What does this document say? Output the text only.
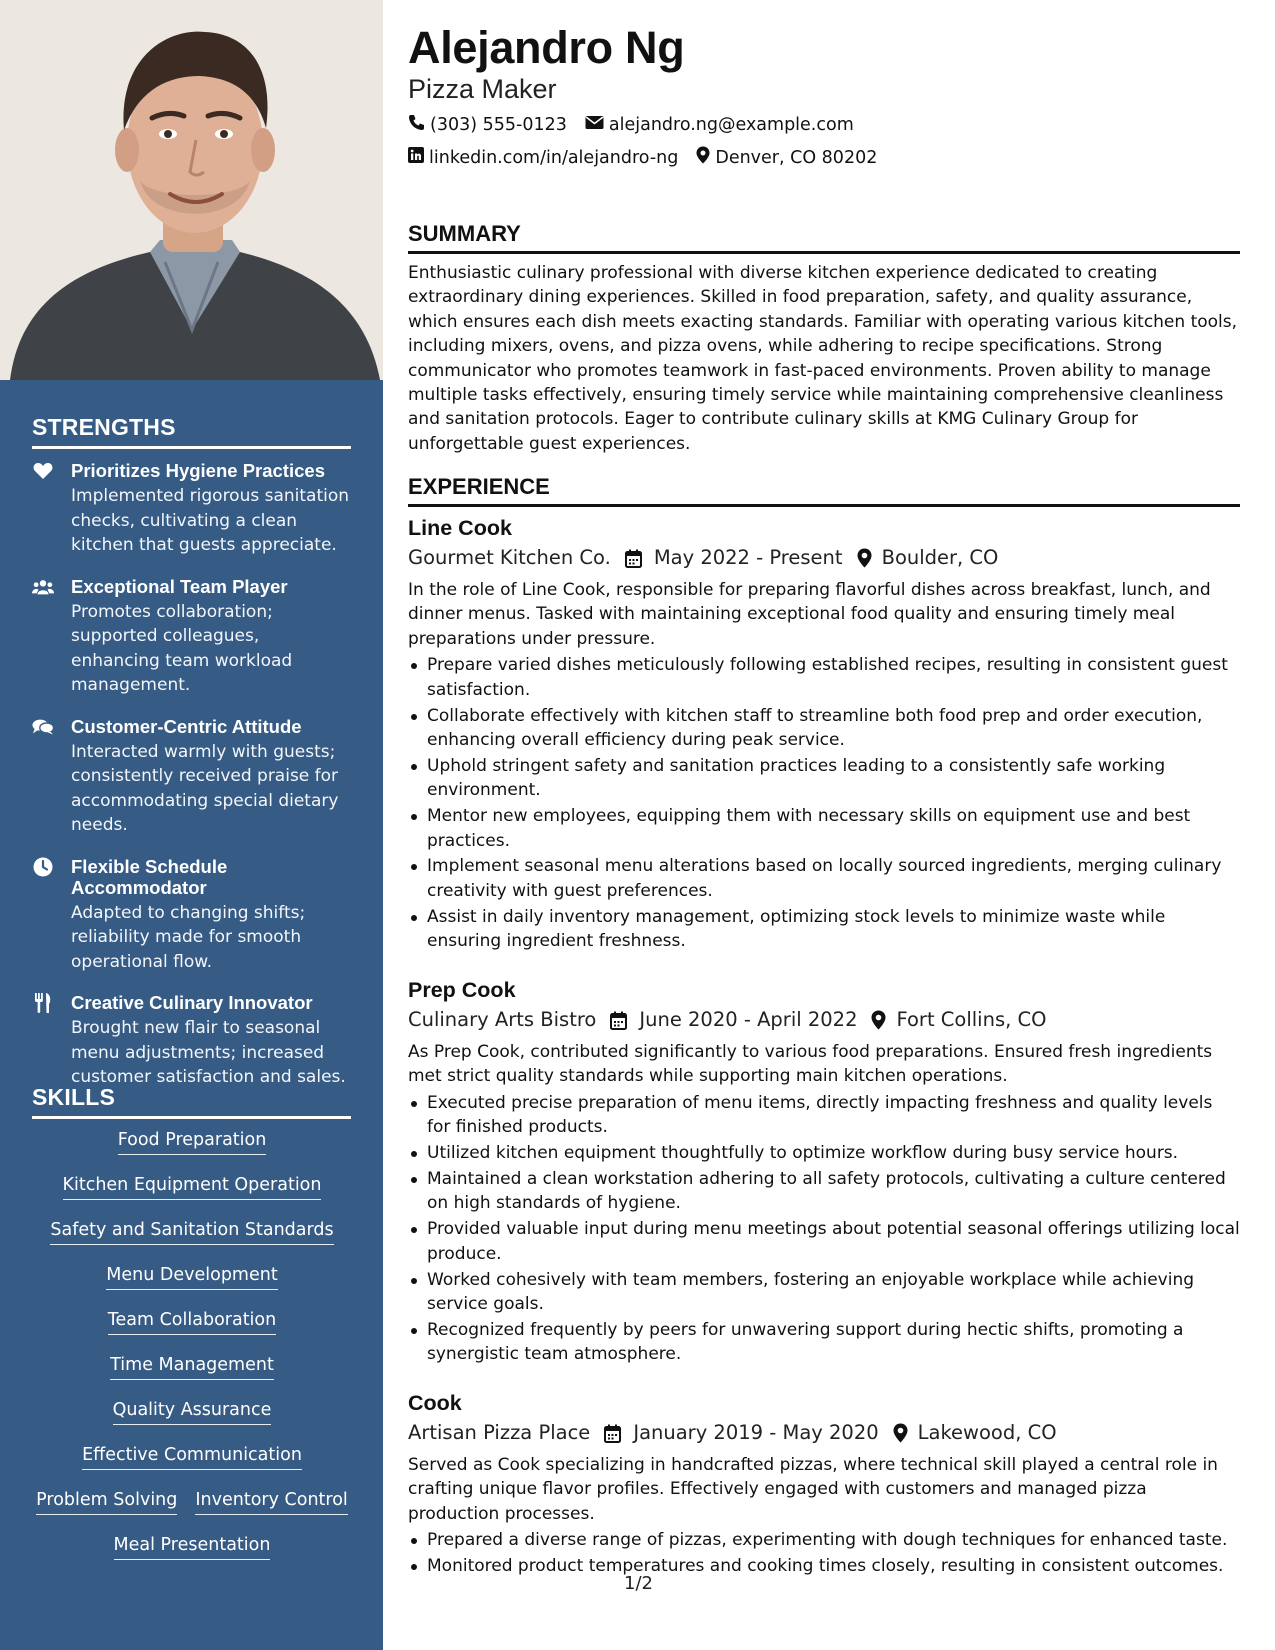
STRENGTHS
Prioritizes Hygiene Practices
Implemented rigorous sanitation checks, cultivating a clean kitchen that guests appreciate.
Exceptional Team Player
Promotes collaboration; supported colleagues, enhancing team workload management.
Customer-Centric Attitude
Interacted warmly with guests; consistently received praise for accommodating special dietary needs.
Flexible Schedule Accommodator
Adapted to changing shifts; reliability made for smooth operational flow.
Creative Culinary Innovator
Brought new flair to seasonal menu adjustments; increased customer satisfaction and sales.
SKILLS
Food Preparation
Kitchen Equipment Operation
Safety and Sanitation Standards
Menu Development
Team Collaboration
Time Management
Quality Assurance
Effective Communication
Problem Solving Inventory Control
Meal Presentation
Alejandro Ng
Pizza Maker
(303) 555-0123 alejandro.ng@example.com
linkedin.com/in/alejandro-ng Denver, CO 80202
SUMMARY
Enthusiastic culinary professional with diverse kitchen experience dedicated to creating extraordinary dining experiences. Skilled in food preparation, safety, and quality assurance, which ensures each dish meets exacting standards. Familiar with operating various kitchen tools, including mixers, ovens, and pizza ovens, while adhering to recipe specifications. Strong communicator who promotes teamwork in fast-paced environments. Proven ability to manage multiple tasks effectively, ensuring timely service while maintaining comprehensive cleanliness and sanitation protocols. Eager to contribute culinary skills at KMG Culinary Group for unforgettable guest experiences.
EXPERIENCE
Line Cook
Gourmet Kitchen Co. May 2022 - Present Boulder, CO
In the role of Line Cook, responsible for preparing flavorful dishes across breakfast, lunch, and dinner menus. Tasked with maintaining exceptional food quality and ensuring timely meal preparations under pressure.
Prepare varied dishes meticulously following established recipes, resulting in consistent guest satisfaction.
Collaborate effectively with kitchen staff to streamline both food prep and order execution, enhancing overall efficiency during peak service.
Uphold stringent safety and sanitation practices leading to a consistently safe working environment.
Mentor new employees, equipping them with necessary skills on equipment use and best practices.
Implement seasonal menu alterations based on locally sourced ingredients, merging culinary creativity with guest preferences.
Assist in daily inventory management, optimizing stock levels to minimize waste while ensuring ingredient freshness.
Prep Cook
Culinary Arts Bistro June 2020 - April 2022 Fort Collins, CO
As Prep Cook, contributed significantly to various food preparations. Ensured fresh ingredients met strict quality standards while supporting main kitchen operations.
Executed precise preparation of menu items, directly impacting freshness and quality levels for finished products.
Utilized kitchen equipment thoughtfully to optimize workflow during busy service hours.
Maintained a clean workstation adhering to all safety protocols, cultivating a culture centered on high standards of hygiene.
Provided valuable input during menu meetings about potential seasonal offerings utilizing local produce.
Worked cohesively with team members, fostering an enjoyable workplace while achieving service goals.
Recognized frequently by peers for unwavering support during hectic shifts, promoting a synergistic team atmosphere.
Cook
Artisan Pizza Place January 2019 - May 2020 Lakewood, CO
Served as Cook specializing in handcrafted pizzas, where technical skill played a central role in crafting unique flavor profiles. Effectively engaged with customers and managed pizza production processes.
Prepared a diverse range of pizzas, experimenting with dough techniques for enhanced taste.
Monitored product temperatures and cooking times closely, resulting in consistent outcomes.
1/2
